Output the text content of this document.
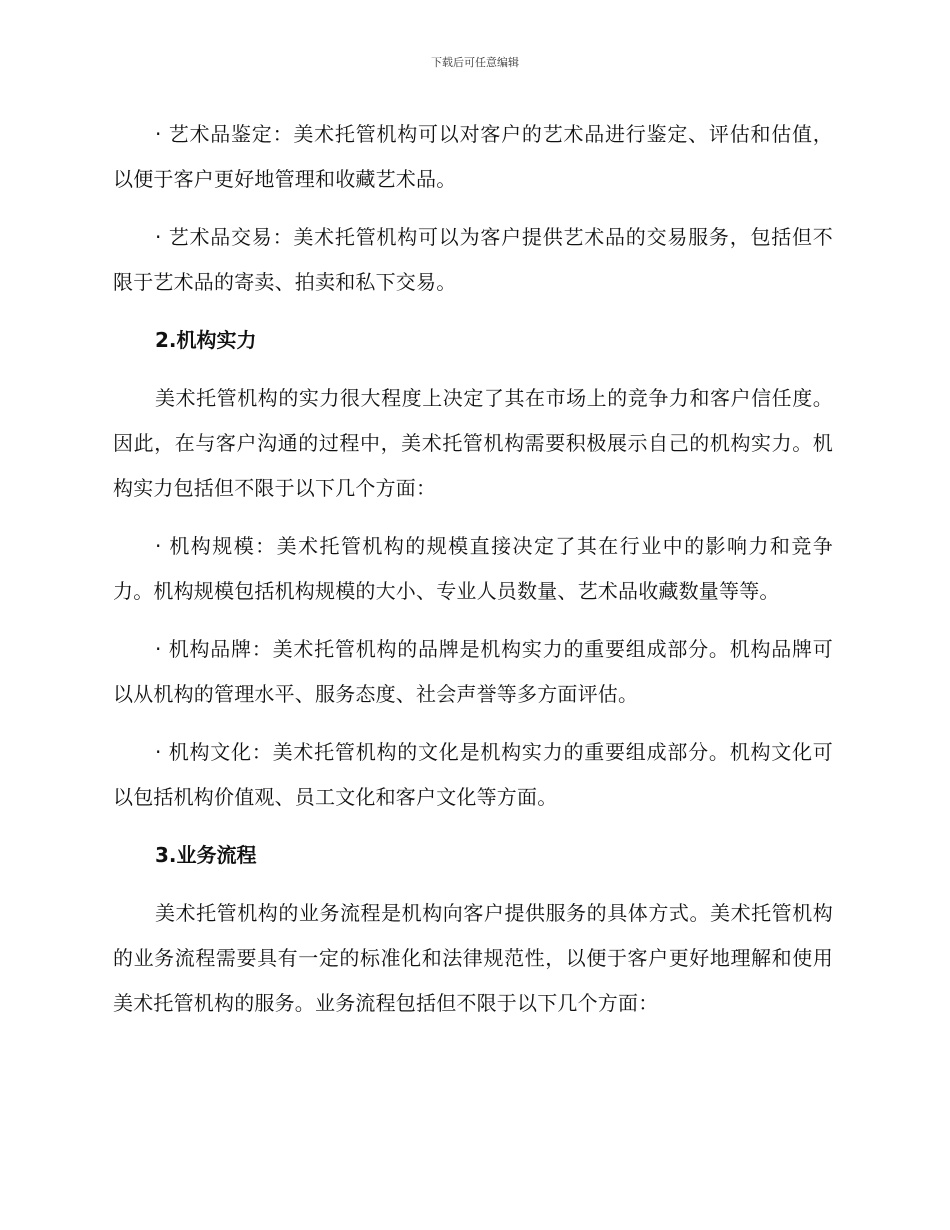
下载后可任意编辑

· 艺术品鉴定：美术托管机构可以对客户的艺术品进行鉴定、评估和估值，以便于客户更好地管理和收藏艺术品。

· 艺术品交易：美术托管机构可以为客户提供艺术品的交易服务，包括但不限于艺术品的寄卖、拍卖和私下交易。

2.机构实力

美术托管机构的实力很大程度上决定了其在市场上的竞争力和客户信任度。因此，在与客户沟通的过程中，美术托管机构需要积极展示自己的机构实力。机构实力包括但不限于以下几个方面：

· 机构规模：美术托管机构的规模直接决定了其在行业中的影响力和竞争力。机构规模包括机构规模的大小、专业人员数量、艺术品收藏数量等等。

· 机构品牌：美术托管机构的品牌是机构实力的重要组成部分。机构品牌可以从机构的管理水平、服务态度、社会声誉等多方面评估。

· 机构文化：美术托管机构的文化是机构实力的重要组成部分。机构文化可以包括机构价值观、员工文化和客户文化等方面。

3.业务流程

美术托管机构的业务流程是机构向客户提供服务的具体方式。美术托管机构的业务流程需要具有一定的标准化和法律规范性，以便于客户更好地理解和使用美术托管机构的服务。业务流程包括但不限于以下几个方面：
